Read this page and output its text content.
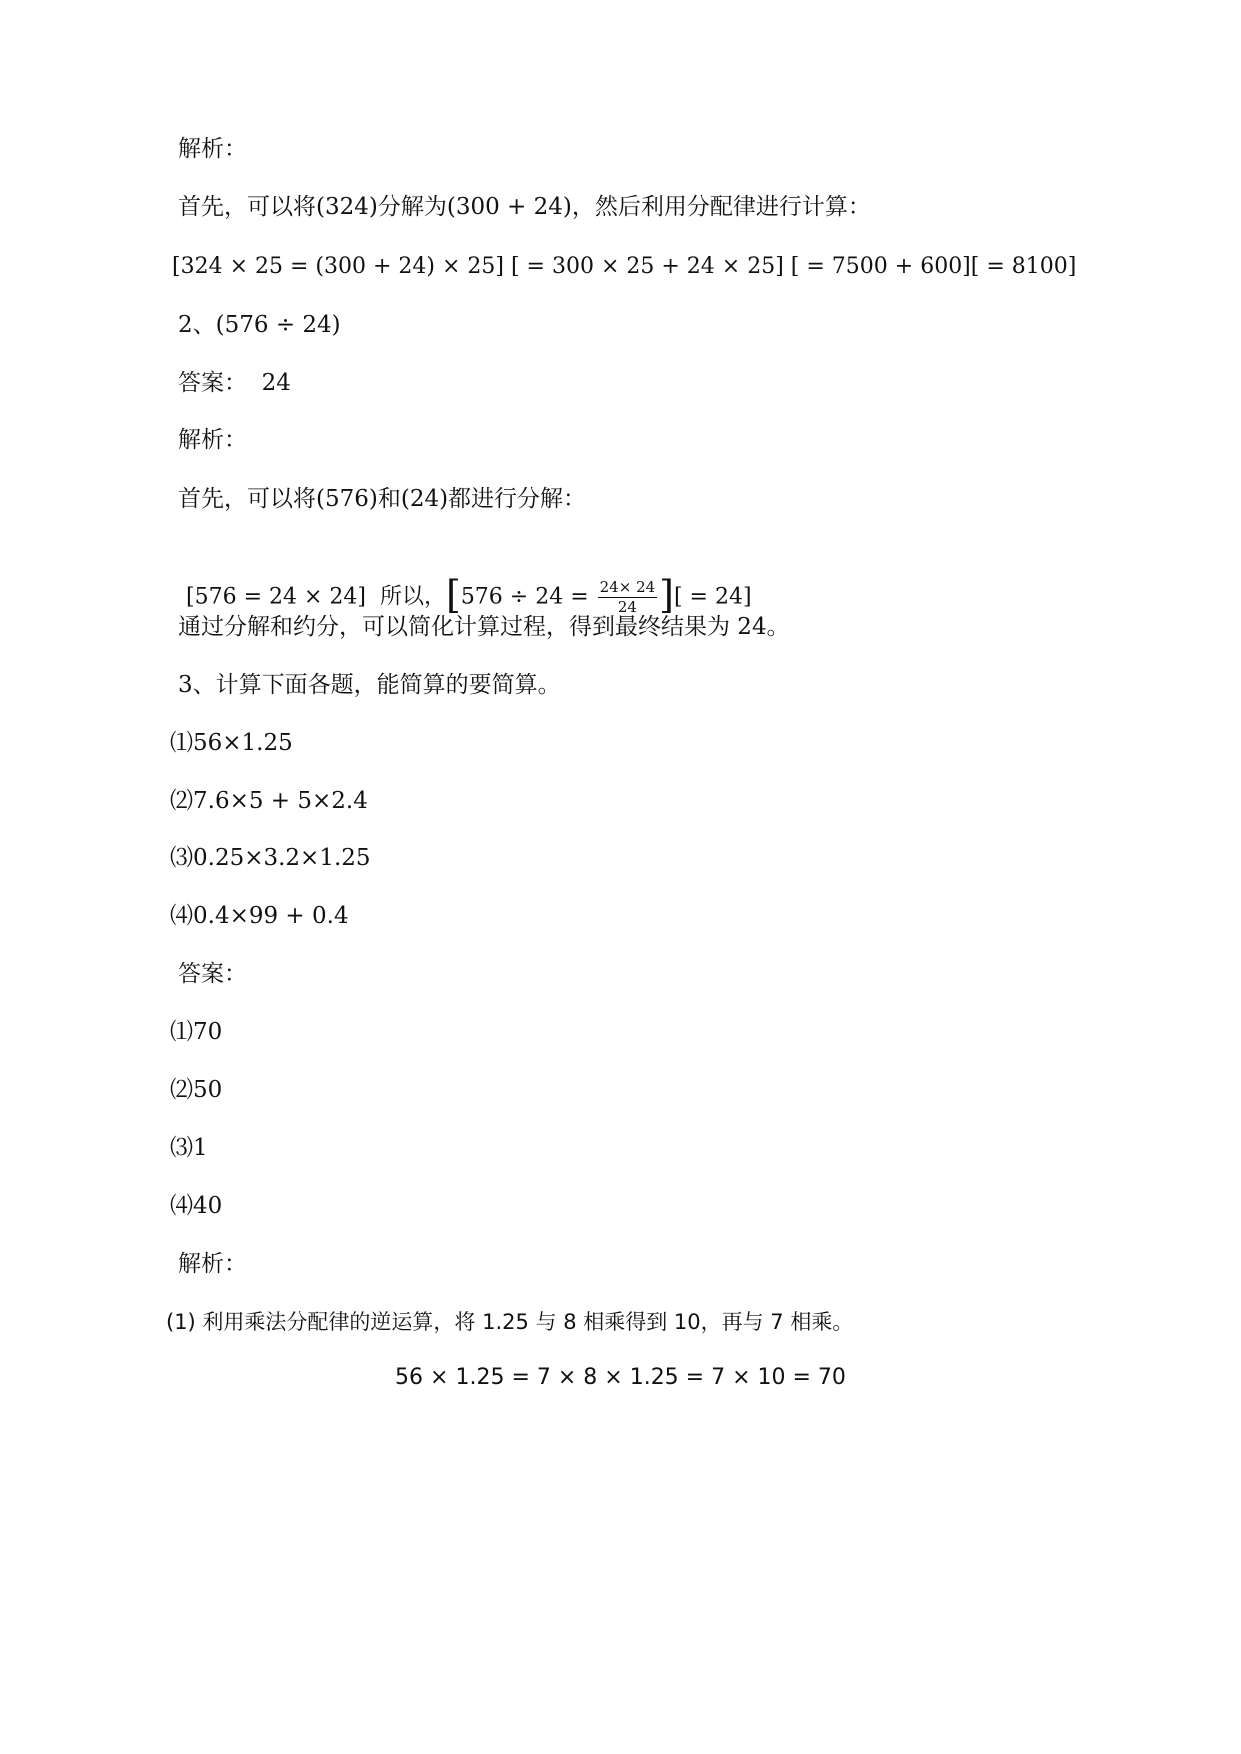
解析：
首先，可以将(324)分解为(300 + 24)，然后利用分配律进行计算：
[324 × 25 = (300 + 24) × 25] [ = 300 × 25 + 24 × 25] [ = 7500 + 600][ = 8100]
2、(576 ÷ 24)
答案：  24
解析：
首先，可以将(576)和(24)都进行分解：

[576 = 24 × 24]  所以，[$576 \div 24 = \frac{24\times 24}{24}$ ][ = 24]

通过分解和约分，可以简化计算过程，得到最终结果为 24。
3、计算下面各题，能简算的要简算。
⑴56×1.25
⑵7.6×5 + 5×2.4
⑶0.25×3.2×1.25
⑷0.4×99 + 0.4
答案：
⑴70
⑵50
⑶1
⑷40
解析：
(1) 利用乘法分配律的逆运算，将 1.25 与 8 相乘得到 10，再与 7 相乘。
56 × 1.25 = 7 × 8 × 1.25 = 7 × 10 = 70
